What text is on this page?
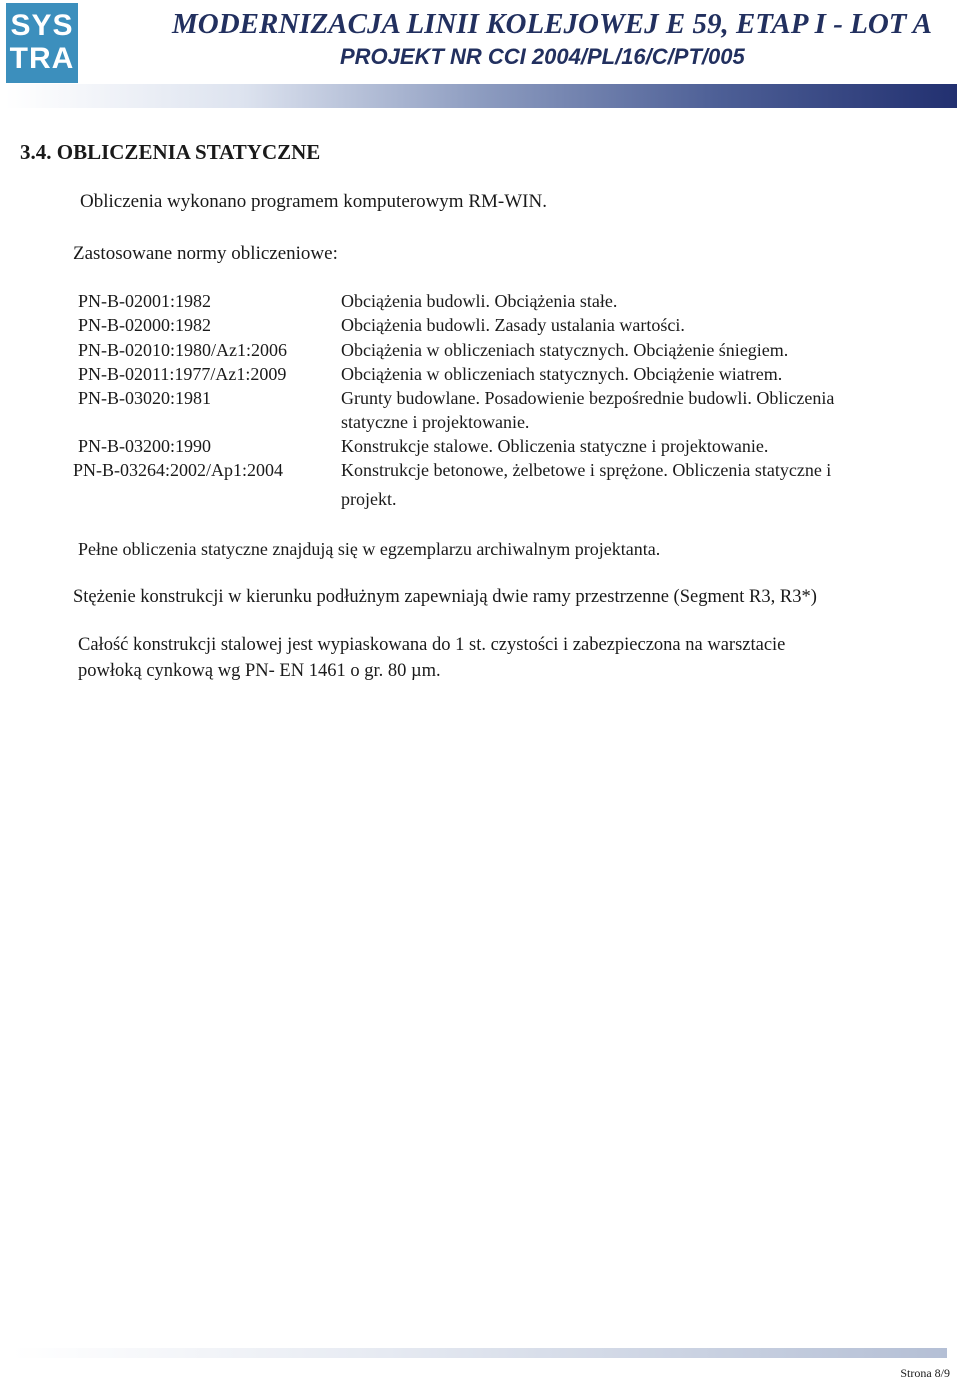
SYS TRA
MODERNIZACJA LINII KOLEJOWEJ E 59, ETAP I - LOT A
PROJEKT NR CCI 2004/PL/16/C/PT/005
3.4. OBLICZENIA STATYCZNE

Obliczenia wykonano programem komputerowym RM-WIN.

Zastosowane normy obliczeniowe:

PN-B-02001:1982	Obciążenia budowli. Obciążenia stałe.
PN-B-02000:1982	Obciążenia budowli. Zasady ustalania wartości.
PN-B-02010:1980/Az1:2006	Obciążenia w obliczeniach statycznych. Obciążenie śniegiem.
PN-B-02011:1977/Az1:2009	Obciążenia w obliczeniach statycznych. Obciążenie wiatrem.
PN-B-03020:1981	Grunty budowlane. Posadowienie bezpośrednie budowli. Obliczenia
statyczne i projektowanie.
PN-B-03200:1990	Konstrukcje stalowe. Obliczenia statyczne i projektowanie.
PN-B-03264:2002/Ap1:2004	Konstrukcje betonowe, żelbetowe i sprężone. Obliczenia statyczne i
projekt.

Pełne obliczenia statyczne znajdują się w egzemplarzu archiwalnym projektanta.

Stężenie konstrukcji w kierunku podłużnym zapewniają dwie ramy przestrzenne (Segment R3, R3*)

Całość konstrukcji stalowej jest wypiaskowana do 1 st. czystości i zabezpieczona na warsztacie

powłoką cynkową wg PN- EN 1461 o gr. 80 µm.

Strona 8/9
